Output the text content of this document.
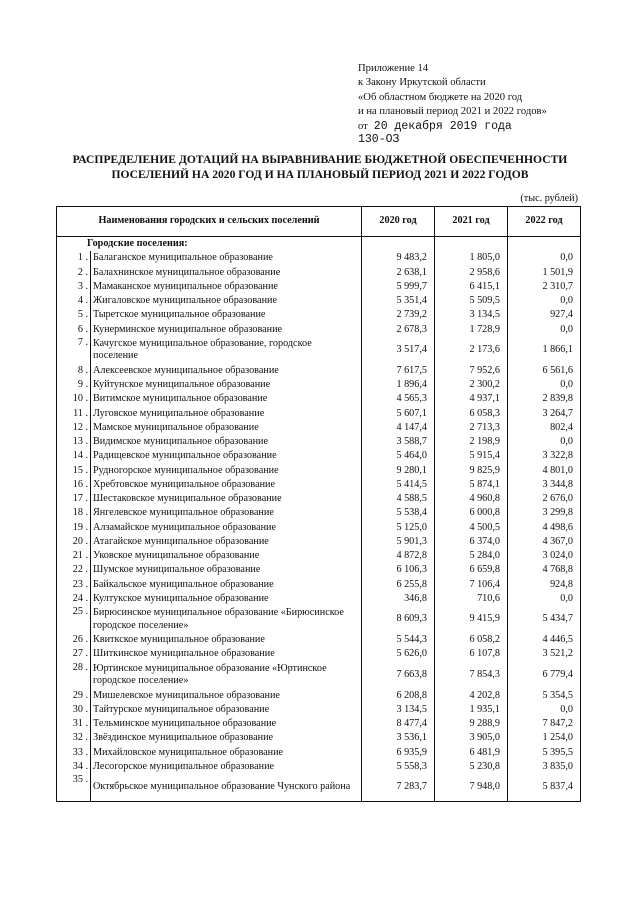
Приложение 14
к Закону Иркутской области
«Об областном бюджете на 2020 год
и на плановый период 2021 и 2022 годов»
от 20 декабря 2019 года
130-ОЗ
РАСПРЕДЕЛЕНИЕ ДОТАЦИЙ НА ВЫРАВНИВАНИЕ БЮДЖЕТНОЙ ОБЕСПЕЧЕННОСТИ
ПОСЕЛЕНИЙ НА 2020 ГОД И НА ПЛАНОВЫЙ ПЕРИОД 2021 И 2022 ГОДОВ
(тыс. рублей)
Наименования городских и сельских поселений		2020 год	2021 год	2022 год
Городские поселения:				
1 .	Балаганское муниципальное образование	9 483,2	1 805,0	0,0
2 .	Балахнинское муниципальное образование	2 638,1	2 958,6	1 501,9
3 .	Мамаканское муниципальное образование	5 999,7	6 415,1	2 310,7
4 .	Жигаловское муниципальное образование	5 351,4	5 509,5	0,0
5 .	Тыретское муниципальное образование	2 739,2	3 134,5	927,4
6 .	Кунерминское муниципальное образование	2 678,3	1 728,9	0,0
7 .	Качугское муниципальное образование, городское поселение	3 517,4	2 173,6	1 866,1
8 .	Алексеевское муниципальное образование	7 617,5	7 952,6	6 561,6
9 .	Куйтунское муниципальное образование	1 896,4	2 300,2	0,0
10 .	Витимское муниципальное образование	4 565,3	4 937,1	2 839,8
11 .	Луговское муниципальное образование	5 607,1	6 058,3	3 264,7
12 .	Мамское муниципальное образование	4 147,4	2 713,3	802,4
13 .	Видимское муниципальное образование	3 588,7	2 198,9	0,0
14 .	Радищевское муниципальное образование	5 464,0	5 915,4	3 322,8
15 .	Рудногорское муниципальное образование	9 280,1	9 825,9	4 801,0
16 .	Хребтовское муниципальное образование	5 414,5	5 874,1	3 344,8
17 .	Шестаковское муниципальное образование	4 588,5	4 960,8	2 676,0
18 .	Янгелевское муниципальное образование	5 538,4	6 000,8	3 299,8
19 .	Алзамайское муниципальное образование	5 125,0	4 500,5	4 498,6
20 .	Атагайское муниципальное образование	5 901,3	6 374,0	4 367,0
21 .	Уковское муниципальное образование	4 872,8	5 284,0	3 024,0
22 .	Шумское муниципальное образование	6 106,3	6 659,8	4 768,8
23 .	Байкальское муниципальное образование	6 255,8	7 106,4	924,8
24 .	Култукское муниципальное образование	346,8	710,6	0,0
25 .	Бирюсинское муниципальное образование «Бирюсинское городское поселение»	8 609,3	9 415,9	5 434,7
26 .	Квиткское муниципальное образование	5 544,3	6 058,2	4 446,5
27 .	Шиткинское муниципальное образование	5 626,0	6 107,8	3 521,2
28 .	Юртинское муниципальное образование «Юртинское городское поселение»	7 663,8	7 854,3	6 779,4
29 .	Мишелевское муниципальное образование	6 208,8	4 202,8	5 354,5
30 .	Тайтурское муниципальное образование	3 134,5	1 935,1	0,0
31 .	Тельминское муниципальное образование	8 477,4	9 288,9	7 847,2
32 .	Звёздинское муниципальное образование	3 536,1	3 905,0	1 254,0
33 .	Михайловское муниципальное образование	6 935,9	6 481,9	5 395,5
34 .	Лесогорское муниципальное образование	5 558,3	5 230,8	3 835,0
35 .	Октябрьское муниципальное образование Чунского района	7 283,7	7 948,0	5 837,4
